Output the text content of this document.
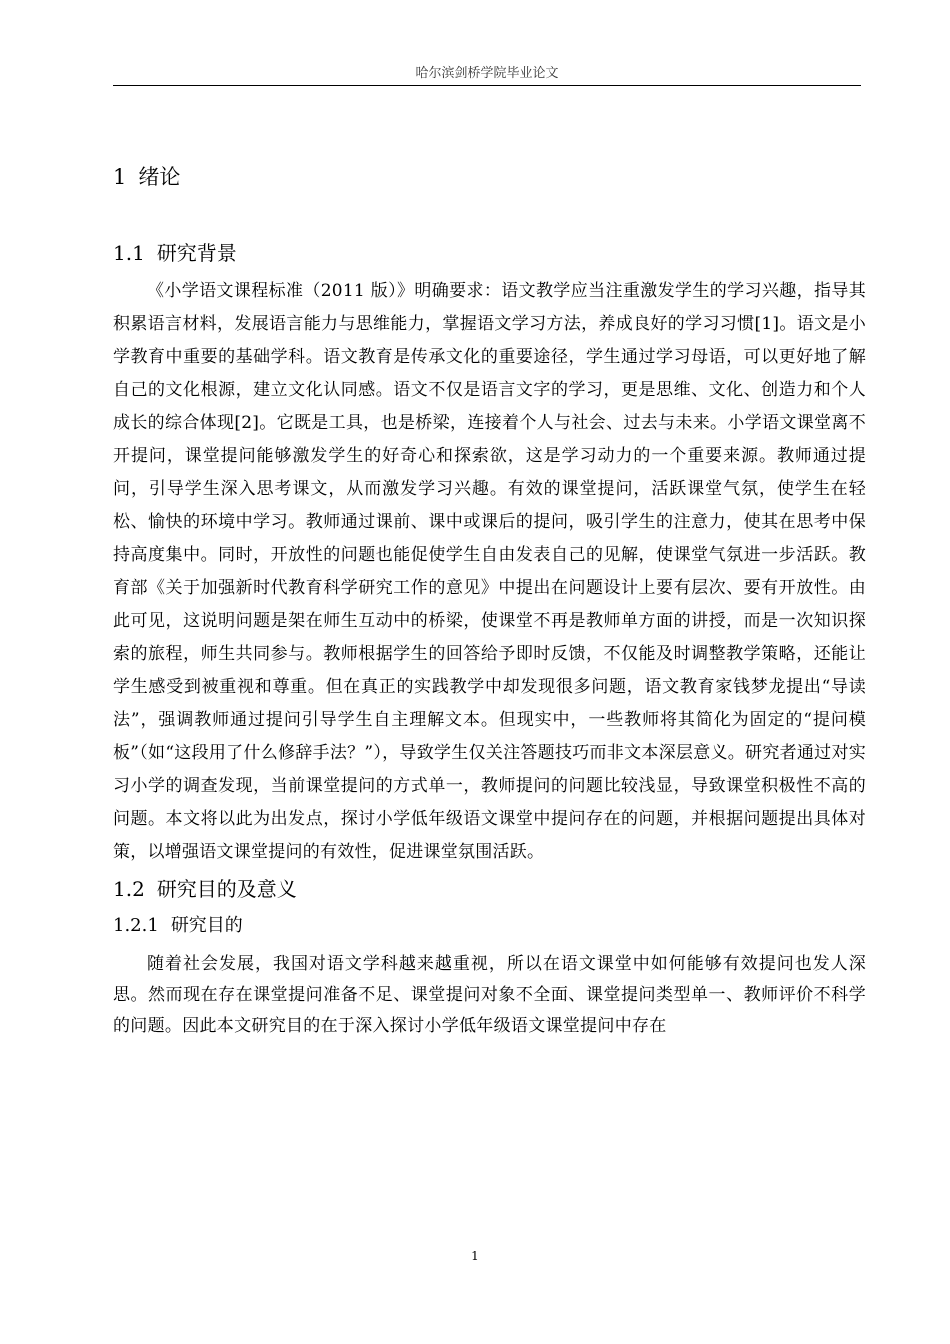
哈尔滨剑桥学院毕业论文
1 绪论
1.1 研究背景

《小学语文课程标准（2011 版）》明确要求：语文教学应当注重激发学生的学习兴趣，指导其积累语言材料，发展语言能力与思维能力，掌握语文学习方法，养成良好的学习习惯[1]。语文是小学教育中重要的基础学科。语文教育是传承文化的重要途径，学生通过学习母语，可以更好地了解自己的文化根源，建立文化认同感。语文不仅是语言文字的学习，更是思维、文化、创造力和个人成长的综合体现[2]。它既是工具，也是桥梁，连接着个人与社会、过去与未来。小学语文课堂离不开提问，课堂提问能够激发学生的好奇心和探索欲，这是学习动力的一个重要来源。教师通过提问，引导学生深入思考课文，从而激发学习兴趣。有效的课堂提问，活跃课堂气氛，使学生在轻松、愉快的环境中学习。教师通过课前、课中或课后的提问，吸引学生的注意力，使其在思考中保持高度集中。同时，开放性的问题也能促使学生自由发表自己的见解，使课堂气氛进一步活跃。教育部《关于加强新时代教育科学研究工作的意见》中提出在问题设计上要有层次、要有开放性。由此可见，这说明问题是架在师生互动中的桥梁，使课堂不再是教师单方面的讲授，而是一次知识探索的旅程，师生共同参与。教师根据学生的回答给予即时反馈，不仅能及时调整教学策略，还能让学生感受到被重视和尊重。但在真正的实践教学中却发现很多问题，语文教育家钱梦龙提出“导读法”，强调教师通过提问引导学生自主理解文本。但现实中，一些教师将其简化为固定的“提问模板”（如“这段用了什么修辞手法？”），导致学生仅关注答题技巧而非文本深层意义。研究者通过对实习小学的调查发现，当前课堂提问的方式单一，教师提问的问题比较浅显，导致课堂积极性不高的问题。本文将以此为出发点，探讨小学低年级语文课堂中提问存在的问题，并根据问题提出具体对策，以增强语文课堂提问的有效性，促进课堂氛围活跃。

1.2 研究目的及意义
1.2.1 研究目的

随着社会发展，我国对语文学科越来越重视，所以在语文课堂中如何能够有效提问也发人深思。然而现在存在课堂提问准备不足、课堂提问对象不全面、课堂提问类型单一、教师评价不科学的问题。因此本文研究目的在于深入探讨小学低年级语文课堂提问中存在

1
